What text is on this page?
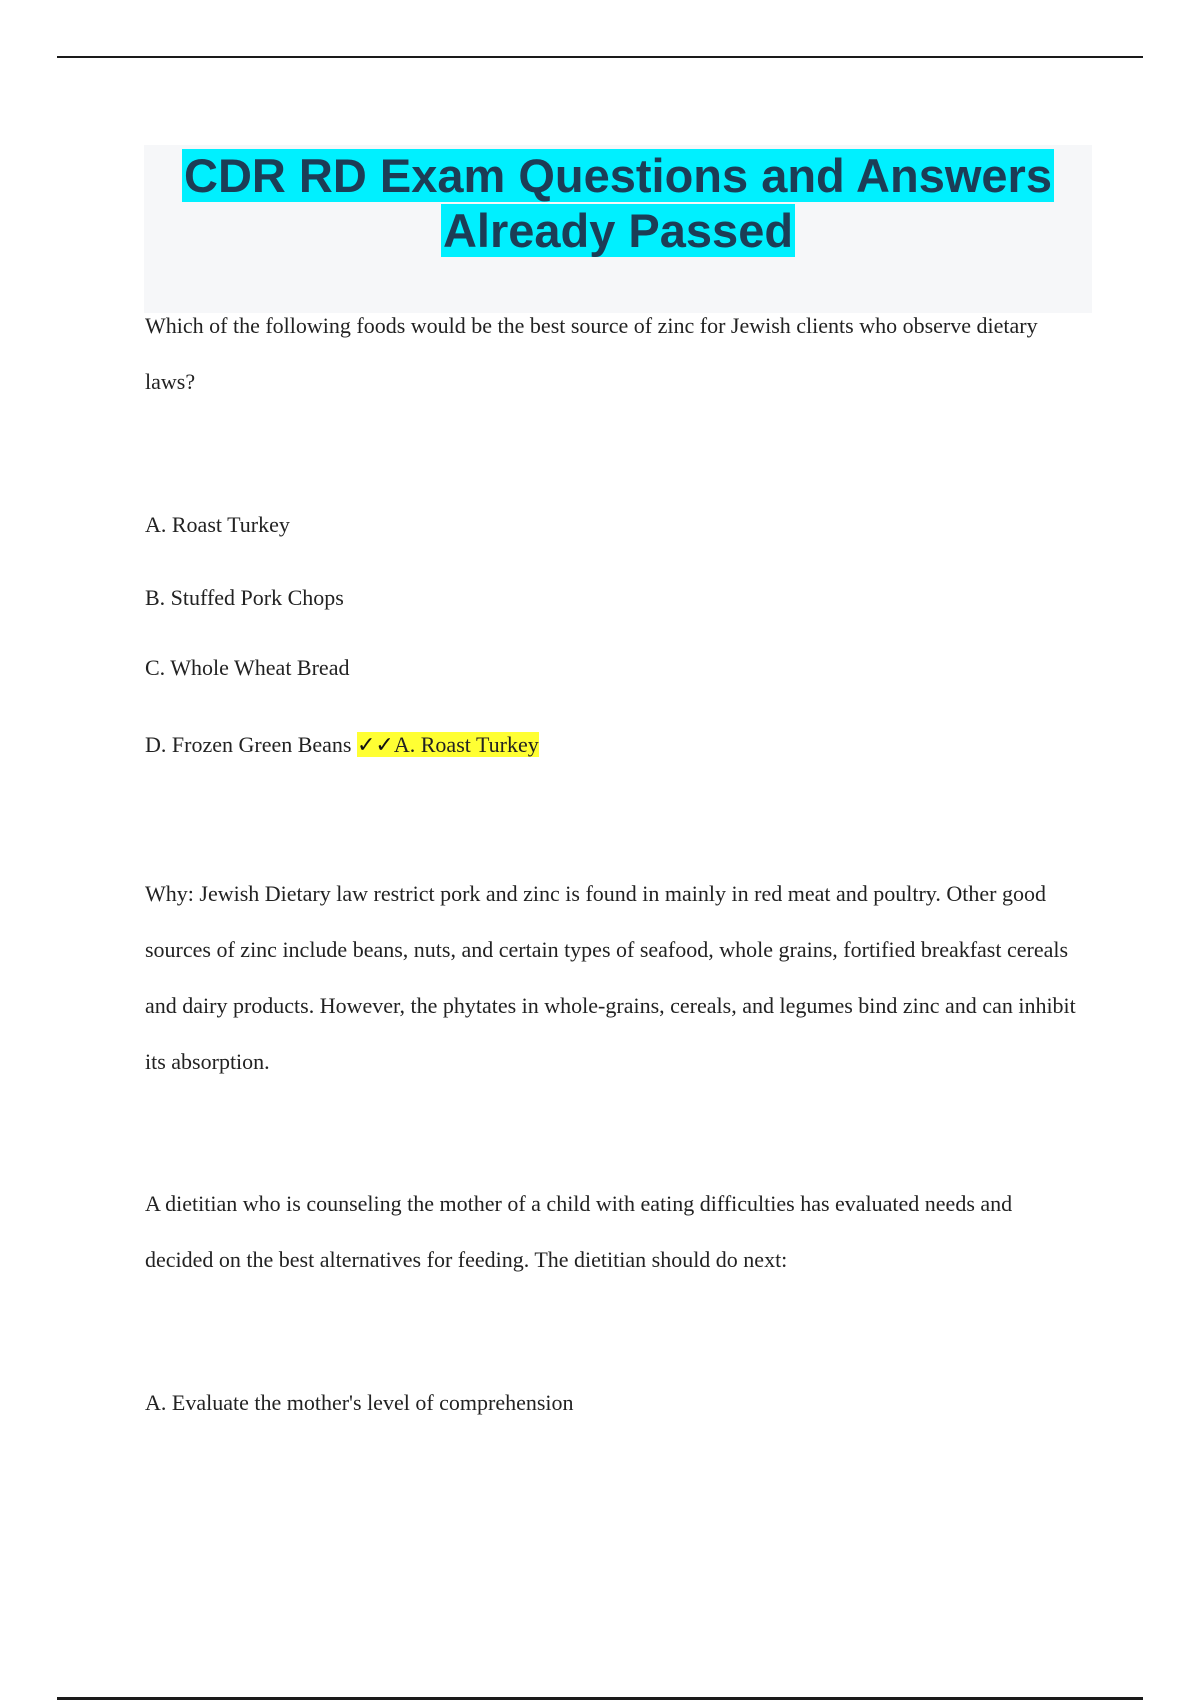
CDR RD Exam Questions and Answers

Already Passed

Which of the following foods would be the best source of zinc for Jewish clients who observe dietary laws?

A. Roast Turkey

B. Stuffed Pork Chops

C. Whole Wheat Bread

D. Frozen Green Beans ✓✓A. Roast Turkey

Why: Jewish Dietary law restrict pork and zinc is found in mainly in red meat and poultry. Other good sources of zinc include beans, nuts, and certain types of seafood, whole grains, fortified breakfast cereals and dairy products. However, the phytates in whole-grains, cereals, and legumes bind zinc and can inhibit its absorption.

A dietitian who is counseling the mother of a child with eating difficulties has evaluated needs and decided on the best alternatives for feeding. The dietitian should do next:

A. Evaluate the mother's level of comprehension
